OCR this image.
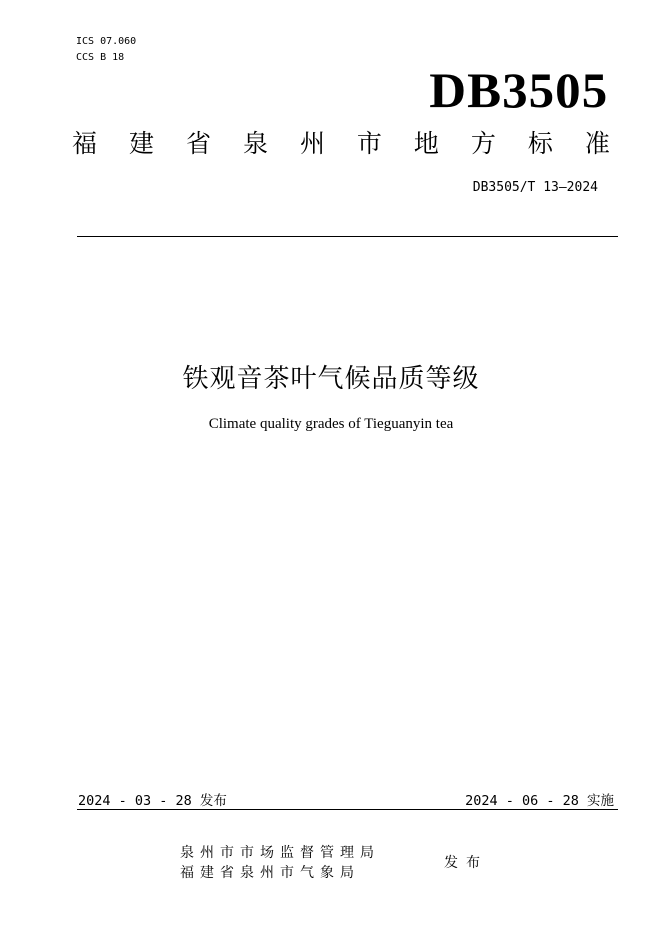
ICS 07.060
CCS B 18
DB3505
福 建 省 泉 州 市 地 方 标 准
DB3505/T 13—2024
铁观音茶叶气候品质等级
Climate quality grades of Tieguanyin tea
2024 - 03 - 28 发布	2024 - 06 - 28 实施
泉州市市场监督管理局
福建省泉州市气象局
发布
